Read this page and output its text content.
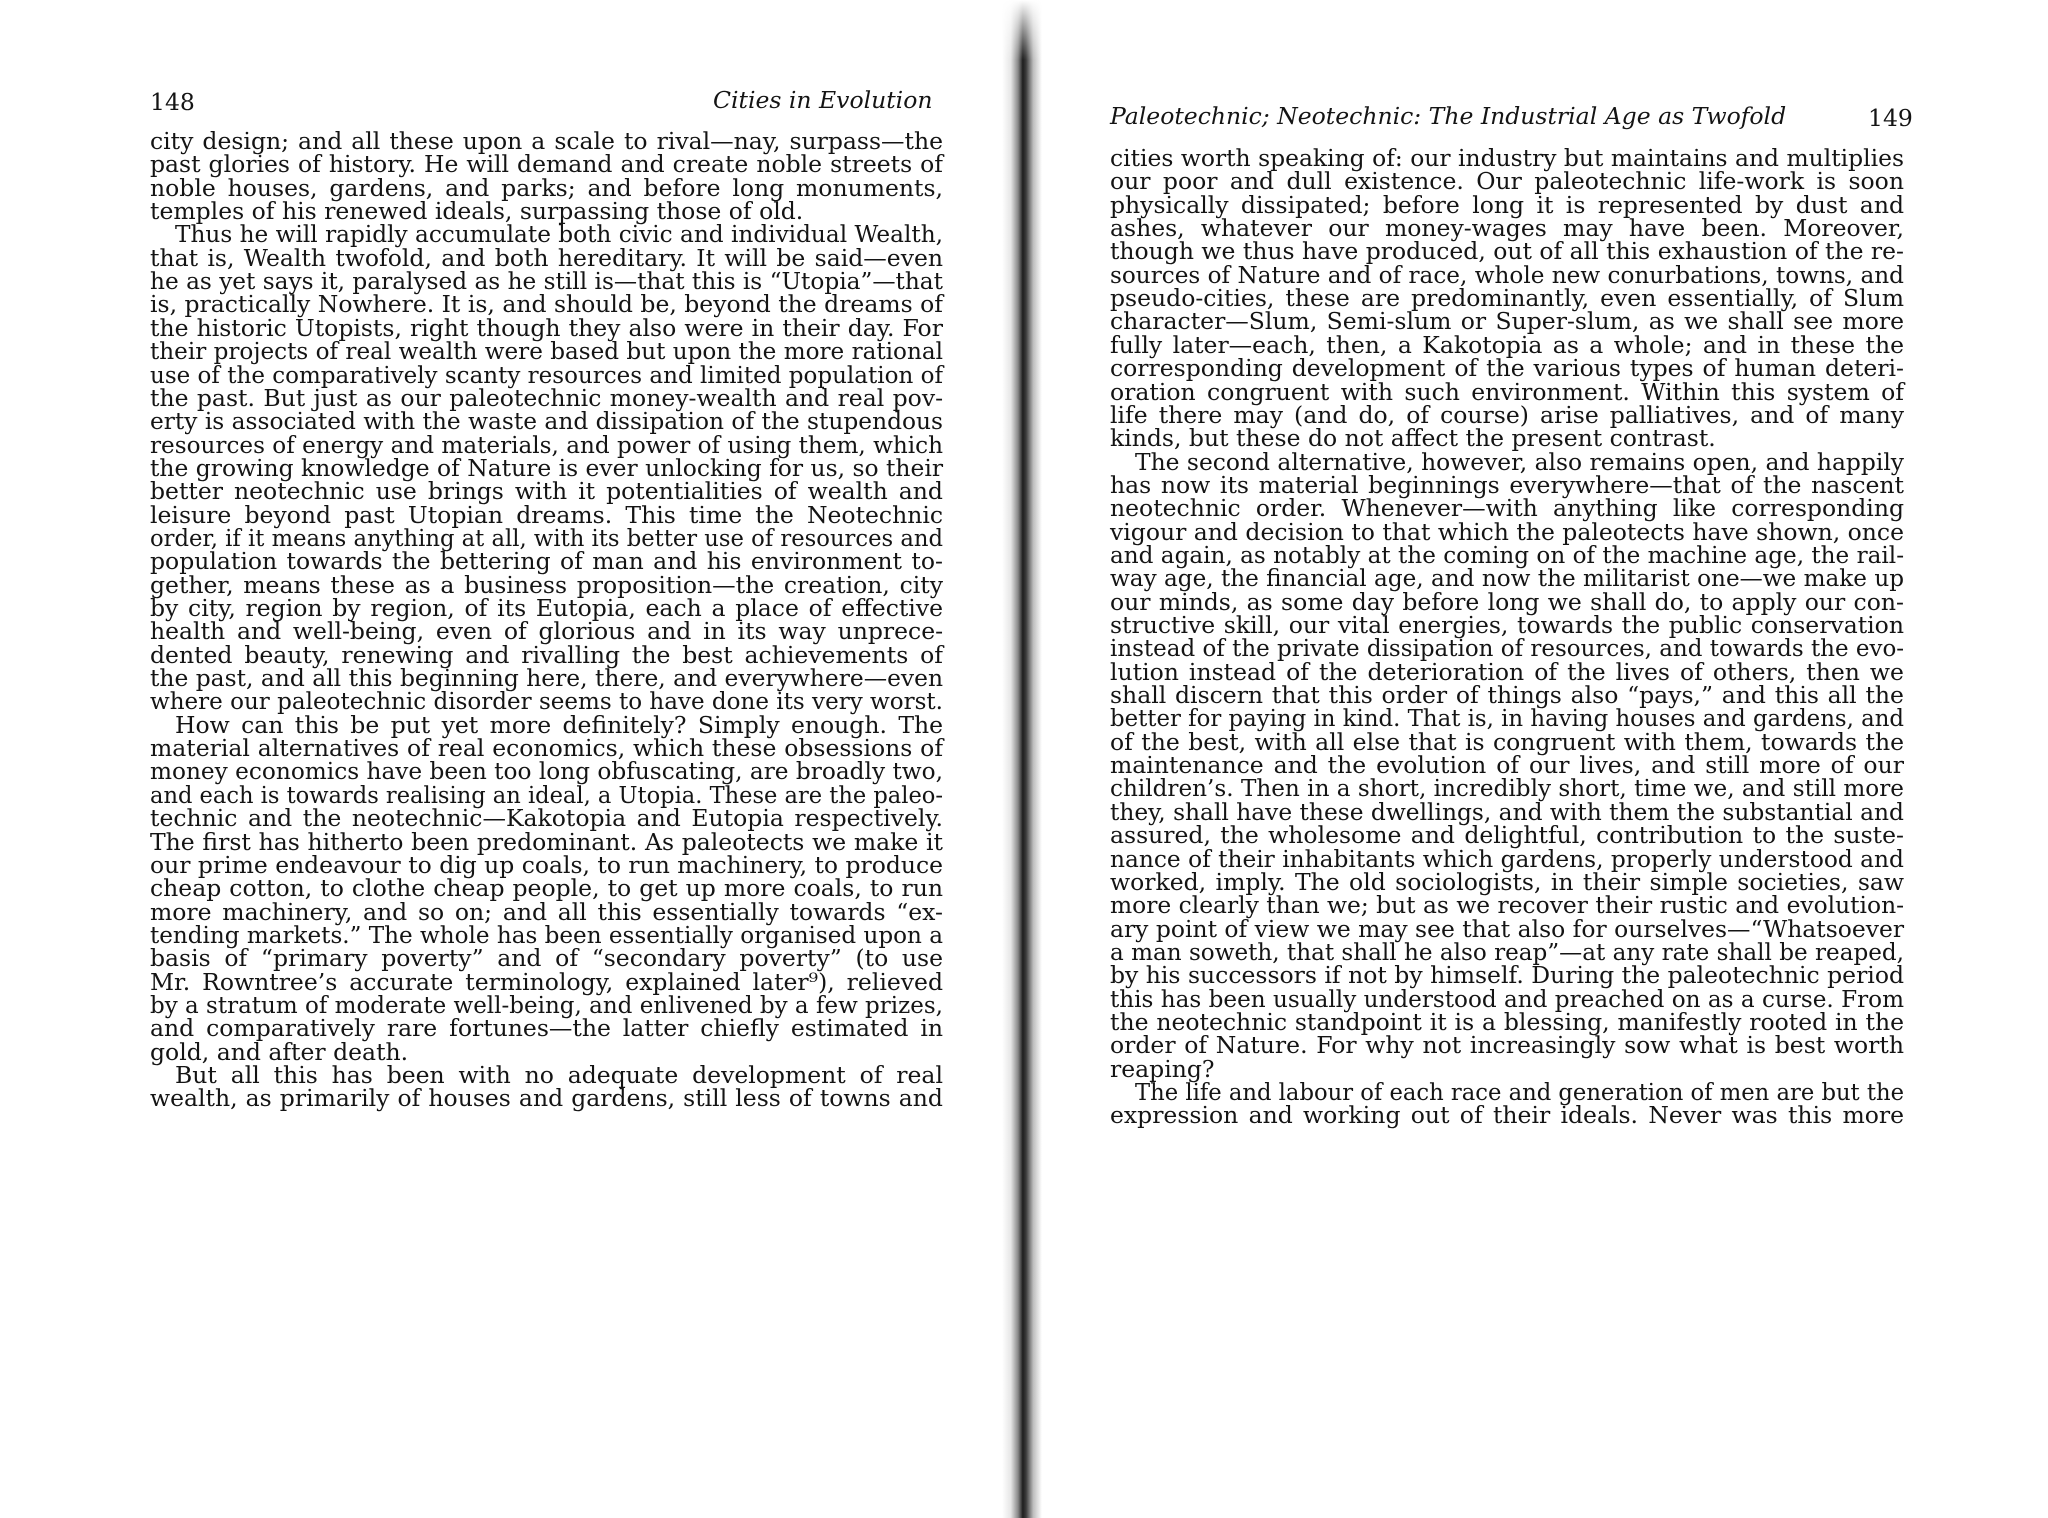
148	Cities in Evolution
city design; and all these upon a scale to rival—nay, surpass—the
past glories of history. He will demand and create noble streets of
noble houses, gardens, and parks; and before long monuments,
temples of his renewed ideals, surpassing those of old.
Thus he will rapidly accumulate both civic and individual Wealth,
that is, Wealth twofold, and both hereditary. It will be said—even
he as yet says it, paralysed as he still is—that this is “Utopia”—that
is, practically Nowhere. It is, and should be, beyond the dreams of
the historic Utopists, right though they also were in their day. For
their projects of real wealth were based but upon the more rational
use of the comparatively scanty resources and limited population of
the past. But just as our paleotechnic money-wealth and real pov-
erty is associated with the waste and dissipation of the stupendous
resources of energy and materials, and power of using them, which
the growing knowledge of Nature is ever unlocking for us, so their
better neotechnic use brings with it potentialities of wealth and
leisure beyond past Utopian dreams. This time the Neotechnic
order, if it means anything at all, with its better use of resources and
population towards the bettering of man and his environment to-
gether, means these as a business proposition—the creation, city
by city, region by region, of its Eutopia, each a place of effective
health and well-being, even of glorious and in its way unprece-
dented beauty, renewing and rivalling the best achievements of
the past, and all this beginning here, there, and everywhere—even
where our paleotechnic disorder seems to have done its very worst.
How can this be put yet more definitely? Simply enough. The
material alternatives of real economics, which these obsessions of
money economics have been too long obfuscating, are broadly two,
and each is towards realising an ideal, a Utopia. These are the paleo-
technic and the neotechnic—Kakotopia and Eutopia respectively.
The first has hitherto been predominant. As paleotects we make it
our prime endeavour to dig up coals, to run machinery, to produce
cheap cotton, to clothe cheap people, to get up more coals, to run
more machinery, and so on; and all this essentially towards “ex-
tending markets.” The whole has been essentially organised upon a
basis of “primary poverty” and of “secondary poverty” (to use
Mr. Rowntree’s accurate terminology, explained later⁹), relieved
by a stratum of moderate well-being, and enlivened by a few prizes,
and comparatively rare fortunes—the latter chiefly estimated in
gold, and after death.
But all this has been with no adequate development of real
wealth, as primarily of houses and gardens, still less of towns and
Paleotechnic; Neotechnic: The Industrial Age as Twofold	149
cities worth speaking of: our industry but maintains and multiplies
our poor and dull existence. Our paleotechnic life-work is soon
physically dissipated; before long it is represented by dust and
ashes, whatever our money-wages may have been. Moreover,
though we thus have produced, out of all this exhaustion of the re-
sources of Nature and of race, whole new conurbations, towns, and
pseudo-cities, these are predominantly, even essentially, of Slum
character—Slum, Semi-slum or Super-slum, as we shall see more
fully later—each, then, a Kakotopia as a whole; and in these the
corresponding development of the various types of human deteri-
oration congruent with such environment. Within this system of
life there may (and do, of course) arise palliatives, and of many
kinds, but these do not affect the present contrast.
The second alternative, however, also remains open, and happily
has now its material beginnings everywhere—that of the nascent
neotechnic order. Whenever—with anything like corresponding
vigour and decision to that which the paleotects have shown, once
and again, as notably at the coming on of the machine age, the rail-
way age, the financial age, and now the militarist one—we make up
our minds, as some day before long we shall do, to apply our con-
structive skill, our vital energies, towards the public conservation
instead of the private dissipation of resources, and towards the evo-
lution instead of the deterioration of the lives of others, then we
shall discern that this order of things also “pays,” and this all the
better for paying in kind. That is, in having houses and gardens, and
of the best, with all else that is congruent with them, towards the
maintenance and the evolution of our lives, and still more of our
children’s. Then in a short, incredibly short, time we, and still more
they, shall have these dwellings, and with them the substantial and
assured, the wholesome and delightful, contribution to the suste-
nance of their inhabitants which gardens, properly understood and
worked, imply. The old sociologists, in their simple societies, saw
more clearly than we; but as we recover their rustic and evolution-
ary point of view we may see that also for ourselves—“Whatsoever
a man soweth, that shall he also reap”—at any rate shall be reaped,
by his successors if not by himself. During the paleotechnic period
this has been usually understood and preached on as a curse. From
the neotechnic standpoint it is a blessing, manifestly rooted in the
order of Nature. For why not increasingly sow what is best worth
reaping?
The life and labour of each race and generation of men are but the
expression and working out of their ideals. Never was this more
